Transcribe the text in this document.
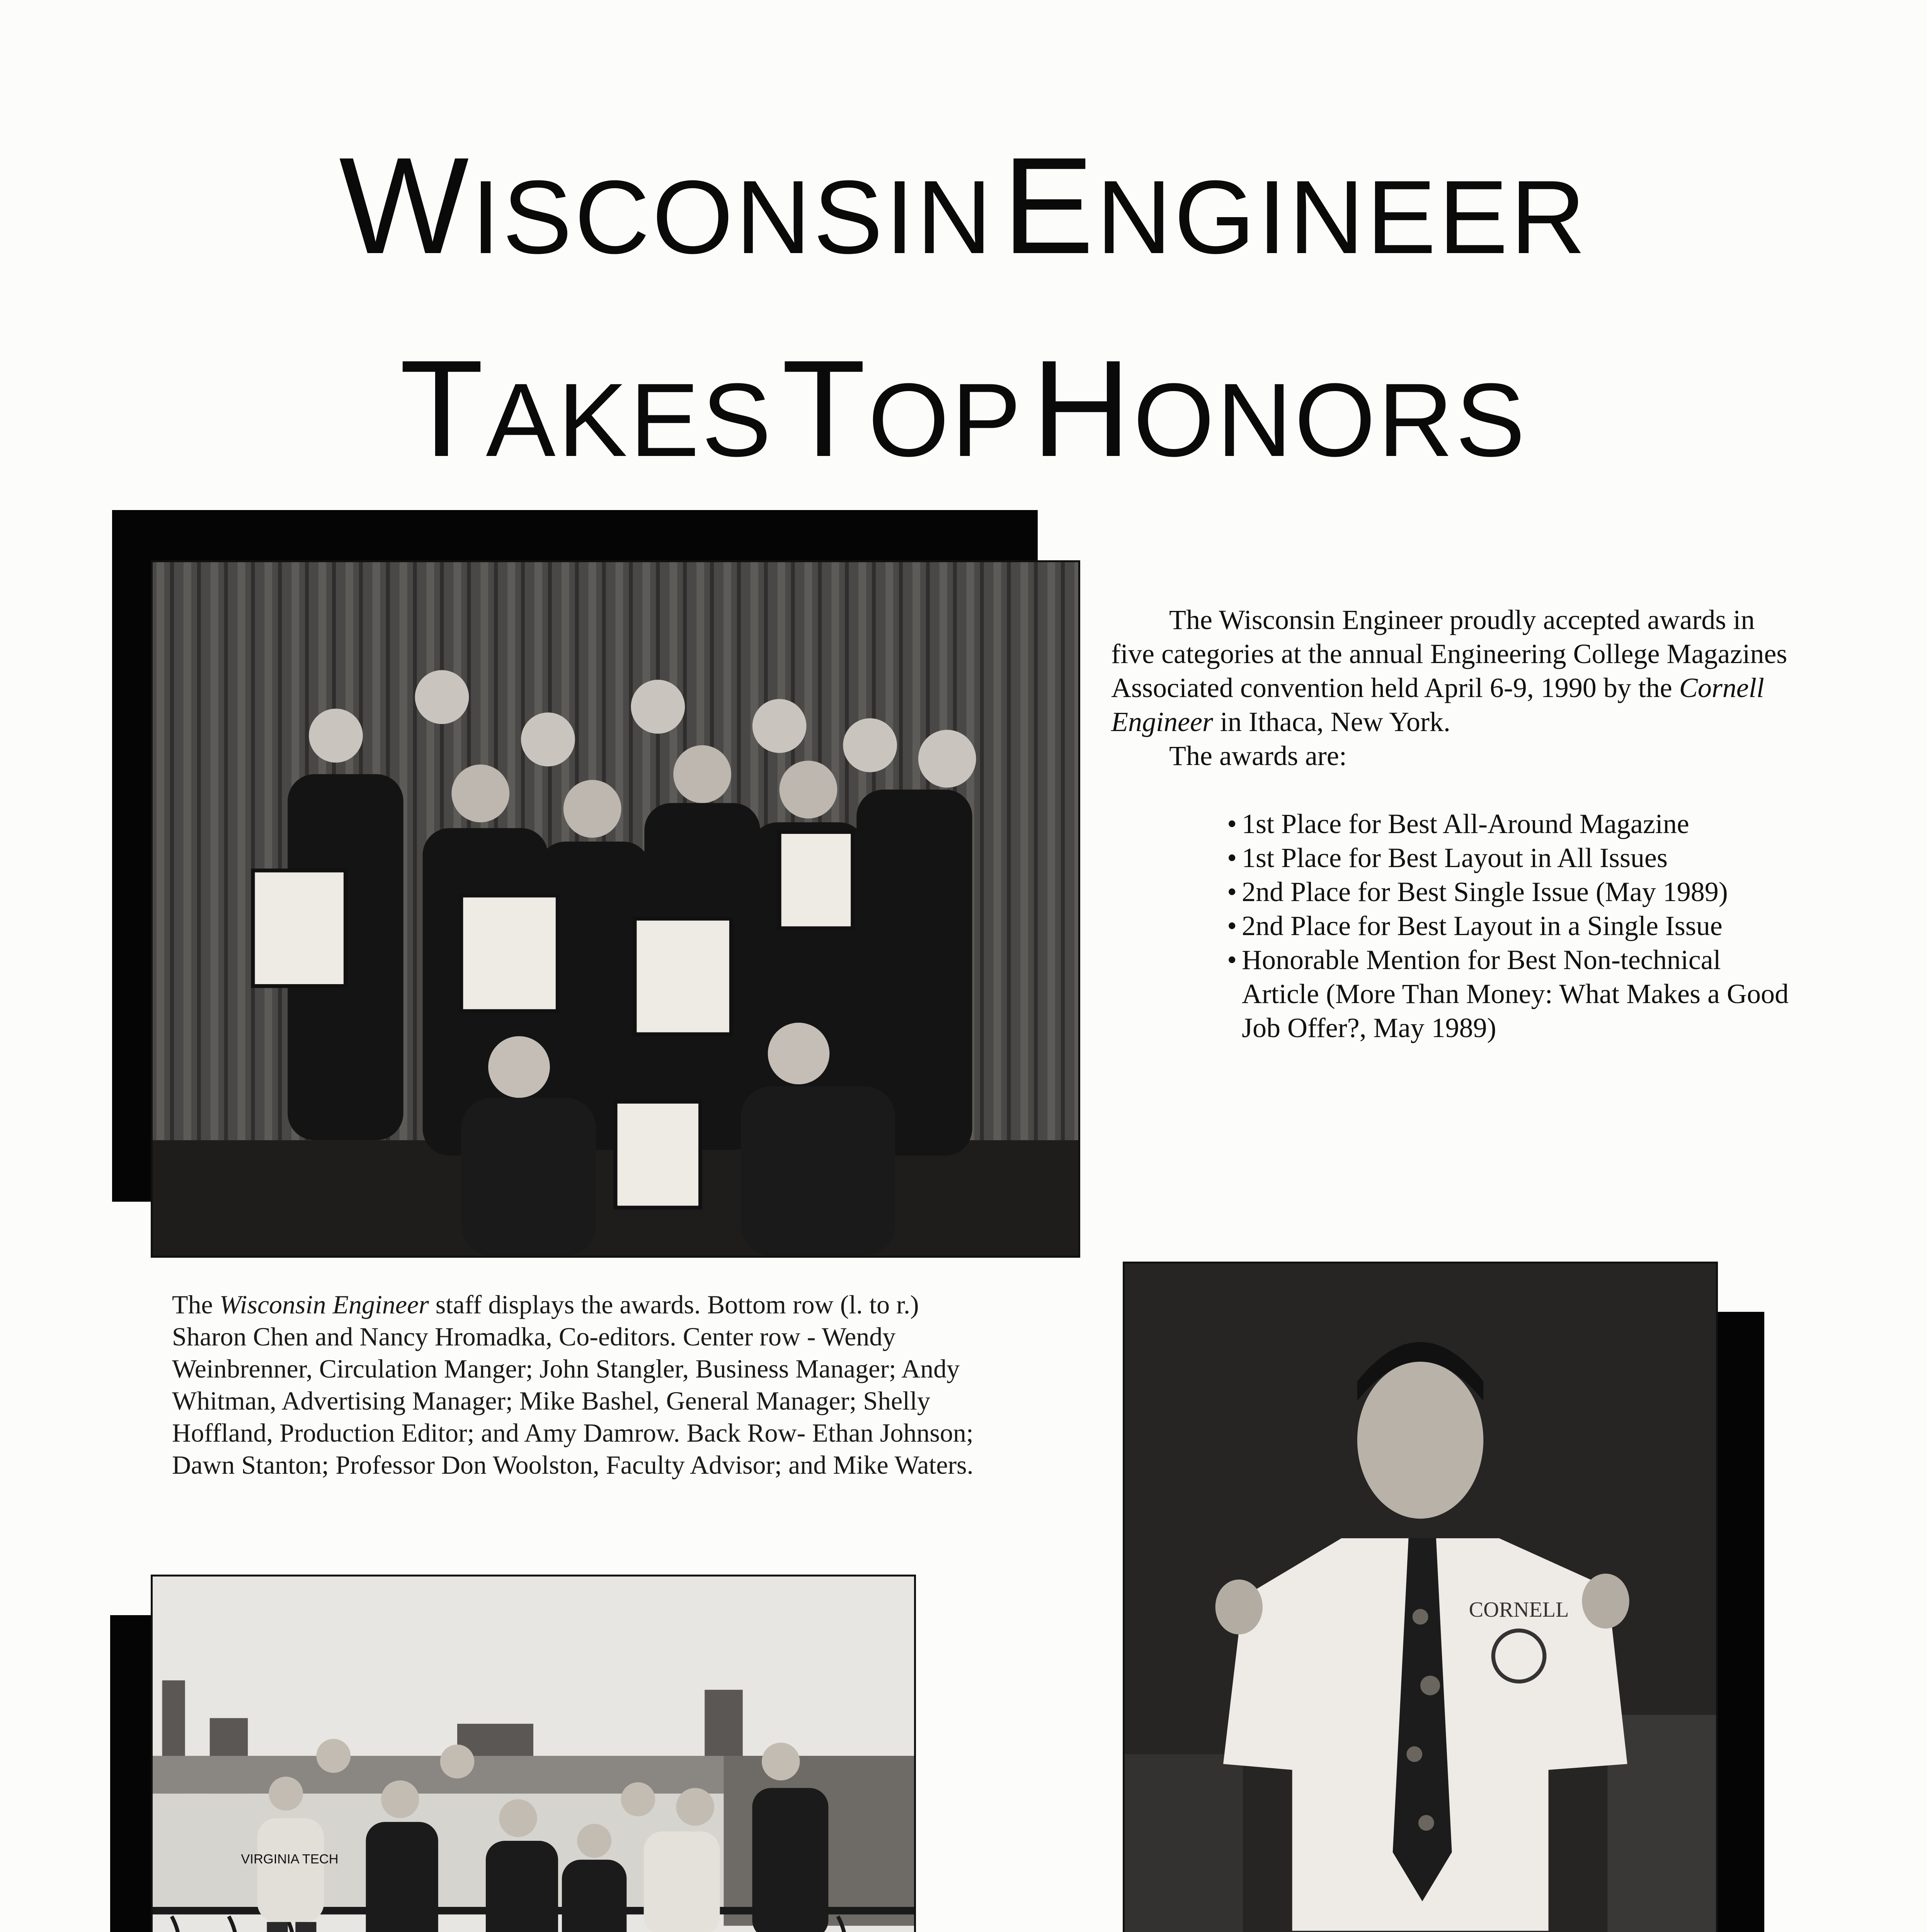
WISCONSIN  ENGINEER
TAKES  TOP  HONORS

The Wisconsin Engineer proudly accepted awards in five categories at the annual Engineering College Magazines Associated convention held April 6-9, 1990 by the Cornell Engineer in Ithaca, New York.

The awards are:

• 1st Place for Best All-Around Magazine
• 1st Place for Best Layout in All Issues
• 2nd Place for Best Single Issue (May 1989)
• 2nd Place for Best Layout in a Single Issue
• Honorable Mention for Best Non-technical Article (More Than Money: What Makes a Good Job Offer?, May 1989)

The Wisconsin Engineer staff displays the awards. Bottom row (l. to r.) Sharon Chen and Nancy Hromadka, Co-editors. Center row - Wendy Weinbrenner, Circulation Manger; John Stangler, Business Manager; Andy Whitman, Advertising Manager; Mike Bashel, General Manager; Shelly Hoffland, Production Editor; and Amy Damrow. Back Row- Ethan Johnson; Dawn Stanton; Professor Don Woolston, Faculty Advisor; and Mike Waters.

CORNELL
VIRGINIA TECH
